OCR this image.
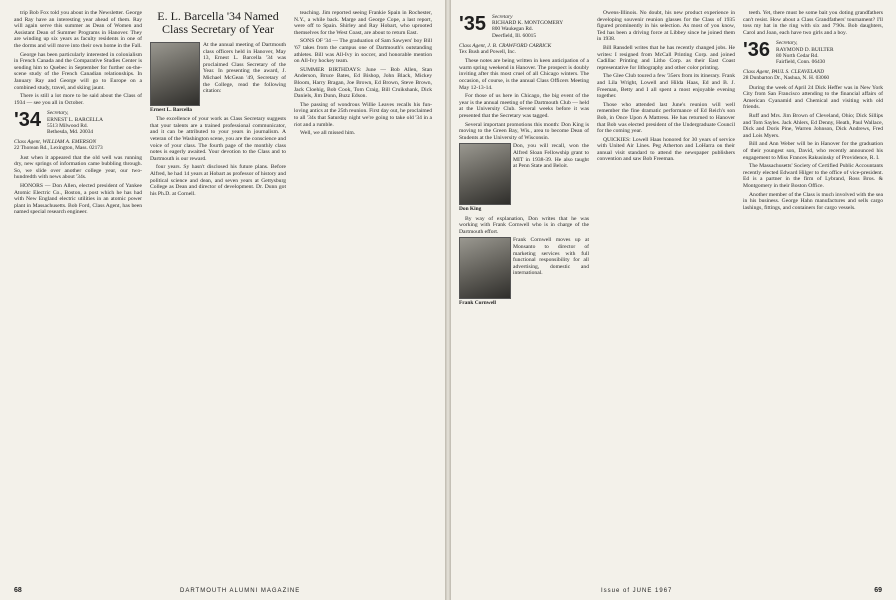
trip Bob Fox told you about in the Newsletter. George and Ray have an interesting year ahead of them. Ray will again serve this summer as Dean of Women and Assistant Dean of Summer Programs in Hanover. They are winding up six years as faculty residents in one of the dorms and will move into their own home in the Fall.

George has been particularly interested in colonialism in French Canada and the Comparative Studies Center is sending him to Quebec in September for further on-the-scene study of the French Canadian relationships. In January Ray and George will go to Europe on a combined study, travel, and skiing jaunt.

There is still a lot more to be said about the Class of 1934 — see you all in October.

'34 Secretary,
ERNEST L. BARCELLA
5513 Milwood Rd.
Bethesda, Md. 20034
Class Agent, WILLIAM A. EMERSON
22 Thorean Rd., Lexington, Mass. 02173

Just when it appeared that the old well was running dry, new springs of information came bubbling through. So, we slide over another college year, our two-hundredth with news about '34s.

HONORS — Don Allen, elected president of Yankee Atomic Electric Co., Boston, a post which he has had with New England electric utilities in an atomic power plant in Massachusetts. Bob Ford, Class Agent, has been named special research engineer.

E. L. Barcella '34 Named Class Secretary of Year
Ernest L. Barcella

At the annual meeting of Dartmouth class officers held in Hanover, May 13, Ernest L. Barcella '34 was proclaimed Class Secretary of the Year. In presenting the award, J. Michael McGean '49, Secretary of the College, read the following citation:

The excellence of your work as Class Secretary suggests that your talents are a trained professional communicator, and it can be attributed to your years in journalism. A veteran of the Washington scene, you are the conscience and voice of your class. The fourth page of the monthly class notes is eagerly awaited. Your devotion to the Class and to Dartmouth is our reward.

four years. Sy hasn't disclosed his future plans. Before Alfred, he had 14 years at Hobart as professor of history and political science and dean, and seven years at Gettysburg College as Dean and director of development. Dr. Dunn got his Ph.D. at Cornell.

teaching. Jim reported seeing Frankie Spain in Rochester, N.Y., a while back. Marge and George Cope, a last report, were off to Spain. Shirley and Ray Hobart, who uprooted themselves for the West Coast, are about to return East.

SONS OF '34 — The graduation of Sam Sawyers' boy Bill '67 takes from the campus one of Dartmouth's outstanding athletes. Bill was All-Ivy in soccer, and honorable mention on All-Ivy hockey team.

SUMMER BIRTHDAYS: June — Bob Allen, Stan Anderson, Bruce Bates, Ed Bishop, John Black, Mickey Bloom, Harry Bragan, Joe Brown, Ed Brown, Steve Brown, Jack Cloehig, Bob Cook, Tom Craig, Bill Cruikshank, Dick Daniels, Jim Dunn, Buzz Edson.

The passing of wondrous Willie Leaves recalls his fun-loving antics at the 25th reunion. First day out, he proclaimed to all '34s that Saturday night we're going to take old '34 in a riot and a rumble.

Well, we all missed him.

68	DARTMOUTH ALUMNI MAGAZINE
'35 Secretary
RICHARD K. MONTGOMERY
800 Waukegan Rd.
Deerfield, Ill. 60015
Class Agent, J. B. CRAWFORD CARRICK
Tex Bush and Powell, Inc.

These notes are being written in keen anticipation of a warm spring weekend in Hanover. The prospect is doubly inviting after this most cruel of all Chicago winters. The occasion, of course, is the annual Class Officers Meeting May 12-13-14.

For those of us here in Chicago, the big event of the year is the annual meeting of the Dartmouth Club — held at the University Club. Several weeks before it was presented that the Secretary was tagged.

Several important promotions this month: Don King is moving to the Green Bay, Wis., area to become Dean of Students at the University of Wisconsin.

Don King

Don, you will recall, won the Alfred Sloan Fellowship grant to MIT in 1938-39. He also taught at Penn State and Beloit.

By way of explanation, Don writes that he was working with Frank Cornwell who is in charge of the Dartmouth effort.

Frank Cornwell

Frank Cornwell moves up at Monsanto to director of marketing services with full functional responsibility for all advertising, domestic and international.

Owens-Illinois. No doubt, his new product experience in developing souvenir reunion glasses for the Class of 1935 figured prominently in his selection. As most of you know, Ted has been a driving force at Libbey since he joined them in 1938.

Bill Ransdell writes that he has recently changed jobs. He writes: I resigned from McCall Printing Corp. and joined Cadillac Printing and Litho Corp. as their East Coast representative for lithography and other color printing.

The Glee Club toured a few '35ers from its itinerary. Frank and Lila Wright, Lowell and Hilda Haas, Ed and B. J. Freeman, Betty and I all spent a most enjoyable evening together.

Those who attended last June's reunion will well remember the fine dramatic performance of Ed Reich's son Bob, in Once Upon A Mattress. He has returned to Hanover that Bob was elected president of the Undergraduate Council for the coming year.

QUICKIES: Lowell Haas honored for 30 years of service with United Air Lines. Peg Atherton and LoHarra on their annual visit standard to attend the newspaper publishers convention and saw Bob Freeman.

teeth. Yet, there must be some bait you doting grandfathers can't resist. How about a Class Grandfathers' tournament? I'll toss my hat in the ring with six and 7'90s. Bob daughters, Carol and Joan, each have two girls and a boy.

'36 Secretary,
RAYMOND D. BUILTER
80 North Cedar Rd.
Fairfield, Conn. 06430
Class Agent, PAUL S. CLEAVELAND
28 Dunbarton Dr., Nashua, N. H. 03060

During the week of April 24 Dick Heffer was in New York City from San Francisco attending to the financial affairs of American Cyanamid and Chemical and visiting with old friends.

Ruff and Mrs. Jim Brown of Cleveland, Ohio; Dick Sillips and Tom Sayles. Jack Ahlers, Ed Denny, Heath, Paul Wallace, Dick and Doris Pine, Warren Johnson, Dick Andrews, Fred and Lois Myers.

Bill and Ann Weber will be in Hanover for the graduation of their youngest son, David, who recently announced his engagement to Miss Frances Rakusinsky of Providence, R. I.

The Massachusetts' Society of Certified Public Accountants recently elected Edward Hilger to the office of vice-president. Ed is a partner in the firm of Lybrand, Ross Bros. & Montgomery in their Boston Office.

Another member of the Class is much involved with the sea in his business. George Hahn manufactures and sells cargo lashings, fittings, and containers for cargo vessels.

Issue of JUNE 1967	69
